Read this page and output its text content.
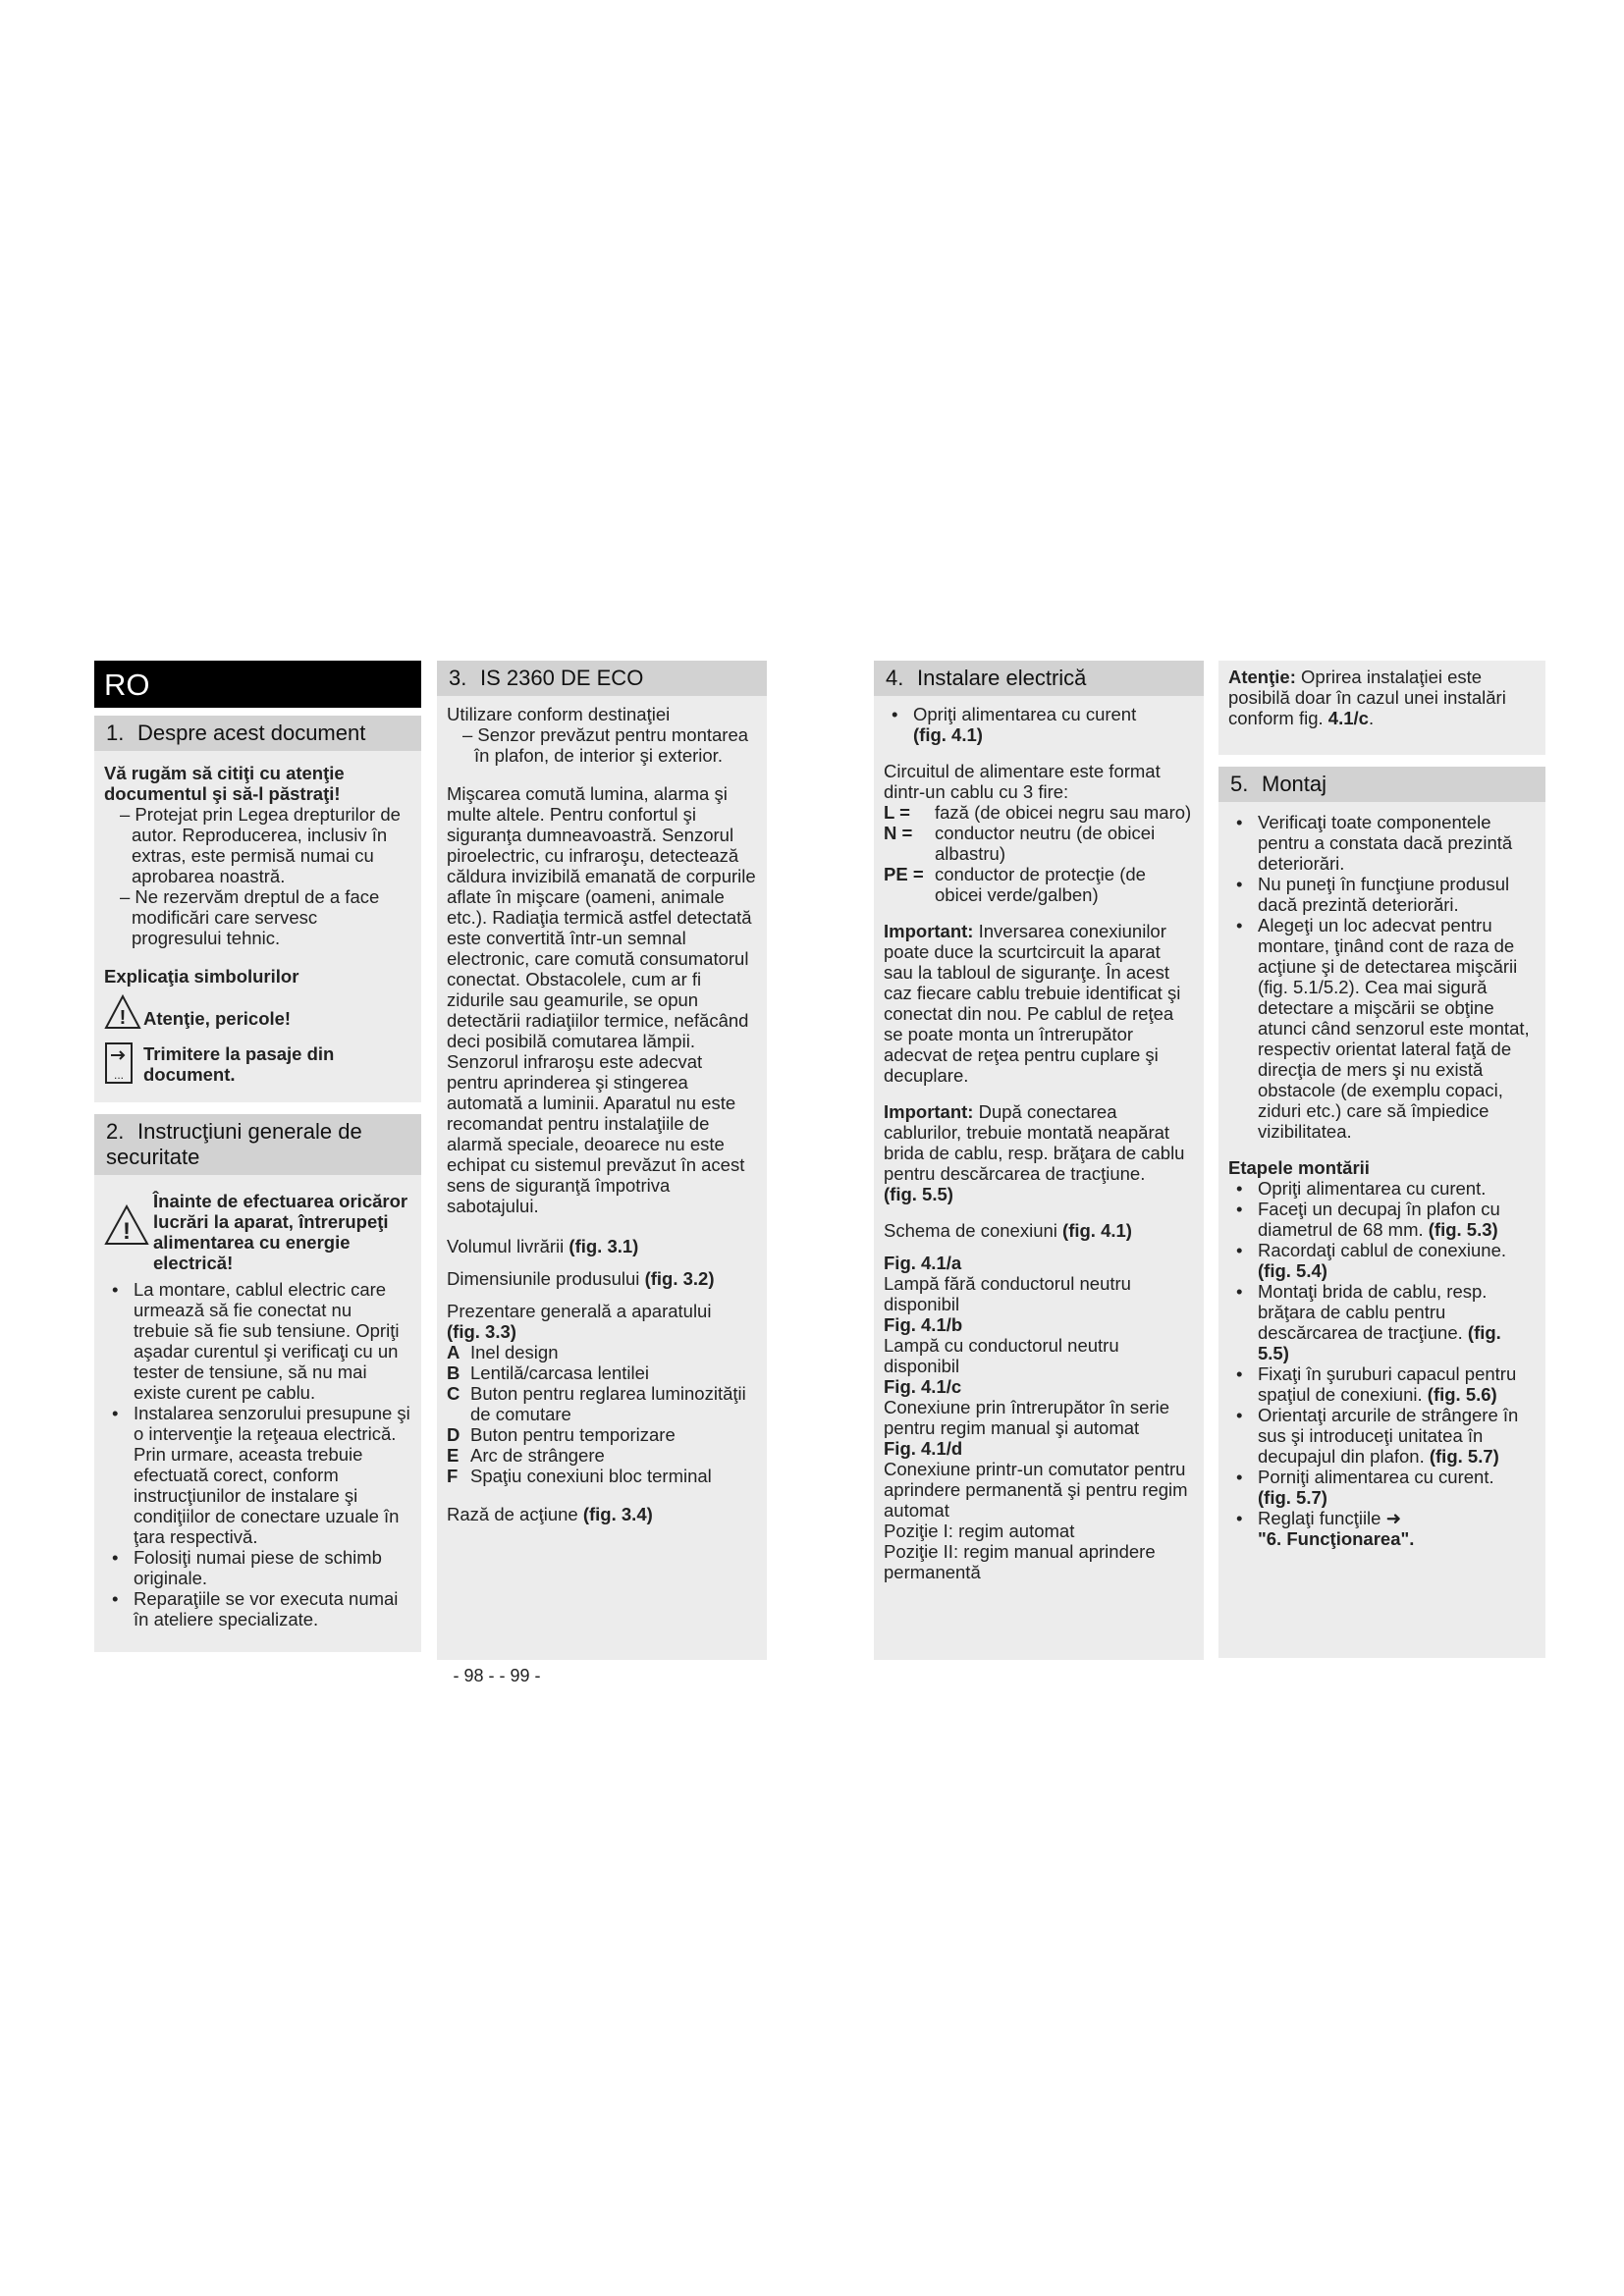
RO
1. Despre acest document
Vă rugăm să citiţi cu atenţie documentul şi să-l păstraţi!
– Protejat prin Legea drepturilor de autor. Reproducerea, inclusiv în extras, este permisă numai cu aprobarea noastră.
– Ne rezervăm dreptul de a face modificări care servesc progresului tehnic.
Explicaţia simbolurilor
! Atenţie, pericole!
...
Trimitere la pasaje din document.
2. Instrucţiuni generale de securitate
!
Înainte de efectuarea oricăror lucrări la aparat, întrerupeţi alimentarea cu energie electrică!
• La montare, cablul electric care urmează să fie conectat nu trebuie să fie sub tensiune. Opriţi aşadar curentul şi verificaţi cu un tester de tensiune, să nu mai existe curent pe cablu.
• Instalarea senzorului presupune şi o intervenţie la reţeaua electrică. Prin urmare, aceasta trebuie efectuată corect, conform instrucţiunilor de instalare şi condiţiilor de conectare uzuale în ţara respectivă.
• Folosiţi numai piese de schimb originale.
• Reparaţiile se vor executa numai în ateliere specializate.
3. IS 2360 DE ECO
Utilizare conform destinaţiei
– Senzor prevăzut pentru montarea în plafon, de interior şi exterior.
Mişcarea comută lumina, alarma şi multe altele. Pentru confortul şi siguranţa dumneavoastră. Senzorul piroelectric, cu infraroşu, detectează căldura invizibilă emanată de corpurile aflate în mişcare (oameni, animale etc.). Radiaţia termică astfel detectată este convertită într-un semnal electronic, care comută consumatorul conectat. Obstacolele, cum ar fi zidurile sau geamurile, se opun detectării radiaţiilor termice, nefăcând deci posibilă comutarea lămpii. Senzorul infraroşu este adecvat pentru aprinderea şi stingerea automată a luminii. Aparatul nu este recomandat pentru instalaţiile de alarmă speciale, deoarece nu este echipat cu sistemul prevăzut în acest sens de siguranţă împotriva sabotajului.
Volumul livrării (fig. 3.1)
Dimensiunile produsului (fig. 3.2)
Prezentare generală a aparatului
(fig. 3.3)
A Inel design
B Lentilă/carcasa lentilei
C Buton pentru reglarea luminozităţii de comutare
D Buton pentru temporizare
E Arc de strângere
F Spaţiu conexiuni bloc terminal
Rază de acţiune (fig. 3.4)
4. Instalare electrică
• Opriţi alimentarea cu curent
(fig. 4.1)
Circuitul de alimentare este format dintr-un cablu cu 3 fire:
L =	fază (de obicei negru sau maro)
N =	conductor neutru (de obicei albastru)
PE = conductor de protecţie (de obicei verde/galben)
Important: Inversarea conexiunilor poate duce la scurtcircuit la aparat sau la tabloul de siguranţe. În acest caz fiecare cablu trebuie identificat şi conectat din nou. Pe cablul de reţea se poate monta un întrerupător adecvat de reţea pentru cuplare şi decuplare.
Important: După conectarea cablurilor, trebuie montată neapărat brida de cablu, resp. brăţara de cablu pentru descărcarea de tracţiune.
(fig. 5.5)
Schema de conexiuni (fig. 4.1)
Fig. 4.1/a
Lampă fără conductorul neutru disponibil
Fig. 4.1/b
Lampă cu conductorul neutru disponibil
Fig. 4.1/c
Conexiune prin întrerupător în serie pentru regim manual şi automat
Fig. 4.1/d
Conexiune printr-un comutator pentru aprindere permanentă şi pentru regim automat
Poziţie I: regim automat
Poziţie II: regim manual aprindere permanentă
Atenţie: Oprirea instalaţiei este posibilă doar în cazul unei instalări conform fig. 4.1/c.
5. Montaj
• Verificaţi toate componentele pentru a constata dacă prezintă deteriorări.
• Nu puneţi în funcţiune produsul dacă prezintă deteriorări.
• Alegeţi un loc adecvat pentru montare, ţinând cont de raza de acţiune şi de detectarea mişcării (fig. 5.1/5.2). Cea mai sigură detectare a mişcării se obţine atunci când senzorul este montat, respectiv orientat lateral faţă de direcţia de mers şi nu există obstacole (de exemplu copaci, ziduri etc.) care să împiedice vizibilitatea.
Etapele montării
• Opriţi alimentarea cu curent.
• Faceţi un decupaj în plafon cu diametrul de 68 mm. (fig. 5.3)
• Racordaţi cablul de conexiune.
(fig. 5.4)
• Montaţi brida de cablu, resp. brăţara de cablu pentru descărcarea de tracţiune. (fig. 5.5)
• Fixaţi în şuruburi capacul pentru spaţiul de conexiuni. (fig. 5.6)
• Orientaţi arcurile de strângere în sus şi introduceţi unitatea în decupajul din plafon. (fig. 5.7)
• Porniţi alimentarea cu curent.
(fig. 5.7)
• Reglaţi funcţiile ➜
"6. Funcţionarea".
- 98 - - 99 -
